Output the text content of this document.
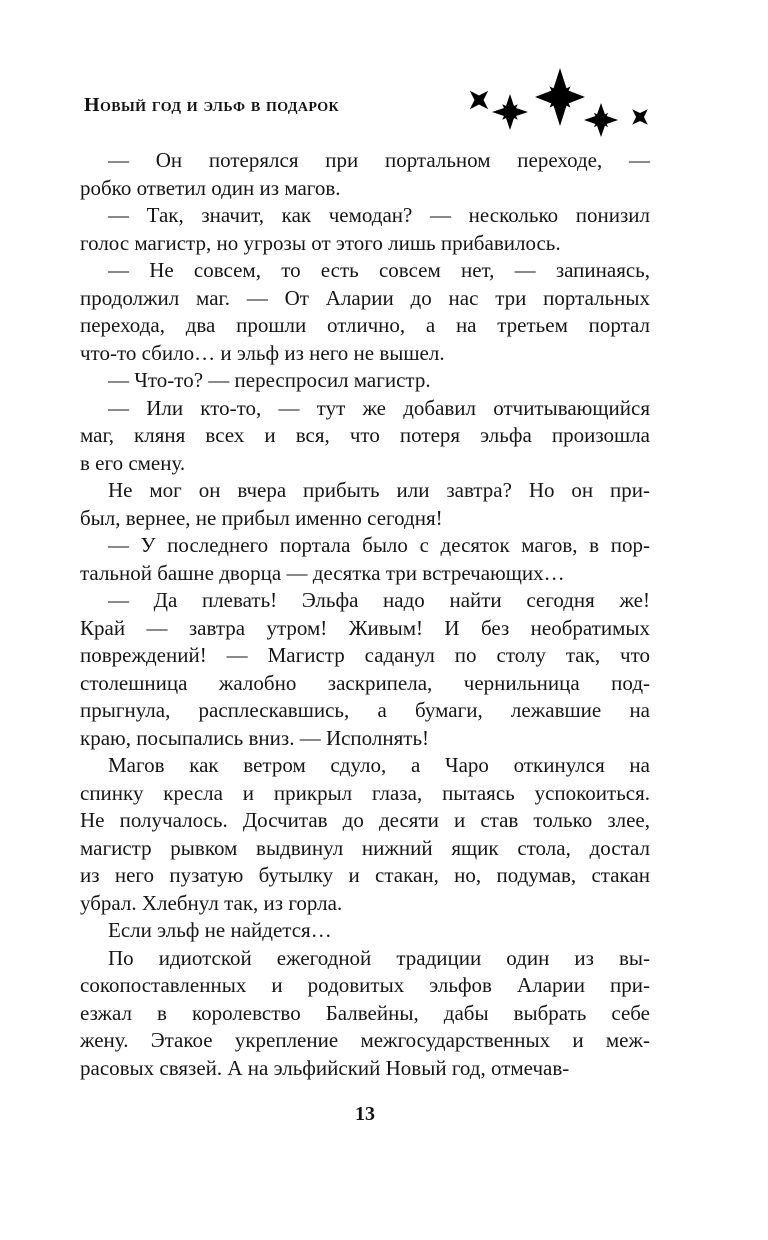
Новый год и эльф в подарок
— Он потерялся при портальном переходе, —
робко ответил один из магов.
— Так, значит, как чемодан? — несколько понизил
голос магистр, но угрозы от этого лишь прибавилось.
— Не совсем, то есть совсем нет, — запинаясь,
продолжил маг. — От Аларии до нас три портальных
перехода, два прошли отлично, а на третьем портал
что-то сбило… и эльф из него не вышел.
— Что-то? — переспросил магистр.
— Или кто-то, — тут же добавил отчитывающийся
маг, кляня всех и вся, что потеря эльфа произошла
в его смену.
Не мог он вчера прибыть или завтра? Но он при-
был, вернее, не прибыл именно сегодня!
— У последнего портала было с десяток магов, в пор-
тальной башне дворца — десятка три встречающих…
— Да плевать! Эльфа надо найти сегодня же!
Край — завтра утром! Живым! И без необратимых
повреждений! — Магистр саданул по столу так, что
столешница жалобно заскрипела, чернильница под-
прыгнула, расплескавшись, а бумаги, лежавшие на
краю, посыпались вниз. — Исполнять!
Магов как ветром сдуло, а Чаро откинулся на
спинку кресла и прикрыл глаза, пытаясь успокоиться.
Не получалось. Досчитав до десяти и став только злее,
магистр рывком выдвинул нижний ящик стола, достал
из него пузатую бутылку и стакан, но, подумав, стакан
убрал. Хлебнул так, из горла.
Если эльф не найдется…
По идиотской ежегодной традиции один из вы-
сокопоставленных и родовитых эльфов Аларии при-
езжал в королевство Балвейны, дабы выбрать себе
жену. Этакое укрепление межгосударственных и меж-
расовых связей. А на эльфийский Новый год, отмечав-
13
